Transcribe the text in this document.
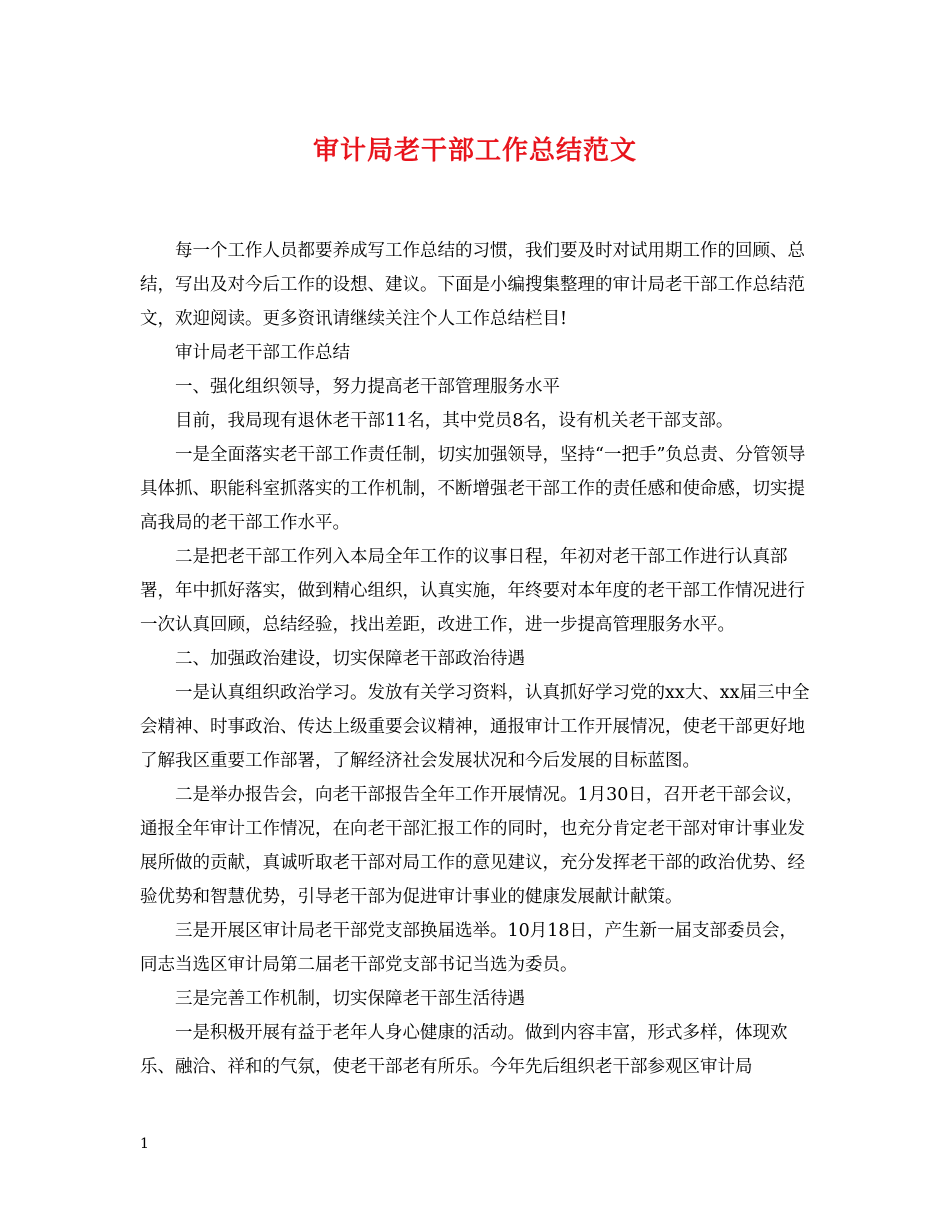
审计局老干部工作总结范文

每一个工作人员都要养成写工作总结的习惯，我们要及时对试用期工作的回顾、总结，写出及对今后工作的设想、建议。下面是小编搜集整理的审计局老干部工作总结范文，欢迎阅读。更多资讯请继续关注个人工作总结栏目!

审计局老干部工作总结

一、强化组织领导，努力提高老干部管理服务水平

目前，我局现有退休老干部11名，其中党员8名，设有机关老干部支部。

一是全面落实老干部工作责任制，切实加强领导，坚持“一把手”负总责、分管领导具体抓、职能科室抓落实的工作机制，不断增强老干部工作的责任感和使命感，切实提高我局的老干部工作水平。

二是把老干部工作列入本局全年工作的议事日程，年初对老干部工作进行认真部署，年中抓好落实，做到精心组织，认真实施，年终要对本年度的老干部工作情况进行一次认真回顾，总结经验，找出差距，改进工作，进一步提高管理服务水平。

二、加强政治建设，切实保障老干部政治待遇

一是认真组织政治学习。发放有关学习资料，认真抓好学习党的xx大、xx届三中全会精神、时事政治、传达上级重要会议精神，通报审计工作开展情况，使老干部更好地了解我区重要工作部署，了解经济社会发展状况和今后发展的目标蓝图。

二是举办报告会，向老干部报告全年工作开展情况。1月30日，召开老干部会议，通报全年审计工作情况，在向老干部汇报工作的同时，也充分肯定老干部对审计事业发展所做的贡献，真诚听取老干部对局工作的意见建议，充分发挥老干部的政治优势、经验优势和智慧优势，引导老干部为促进审计事业的健康发展献计献策。

三是开展区审计局老干部党支部换届选举。10月18日，产生新一届支部委员会，同志当选区审计局第二届老干部党支部书记当选为委员。

三是完善工作机制，切实保障老干部生活待遇

一是积极开展有益于老年人身心健康的活动。做到内容丰富，形式多样，体现欢乐、融洽、祥和的气氛，使老干部老有所乐。今年先后组织老干部参观区审计局

1
